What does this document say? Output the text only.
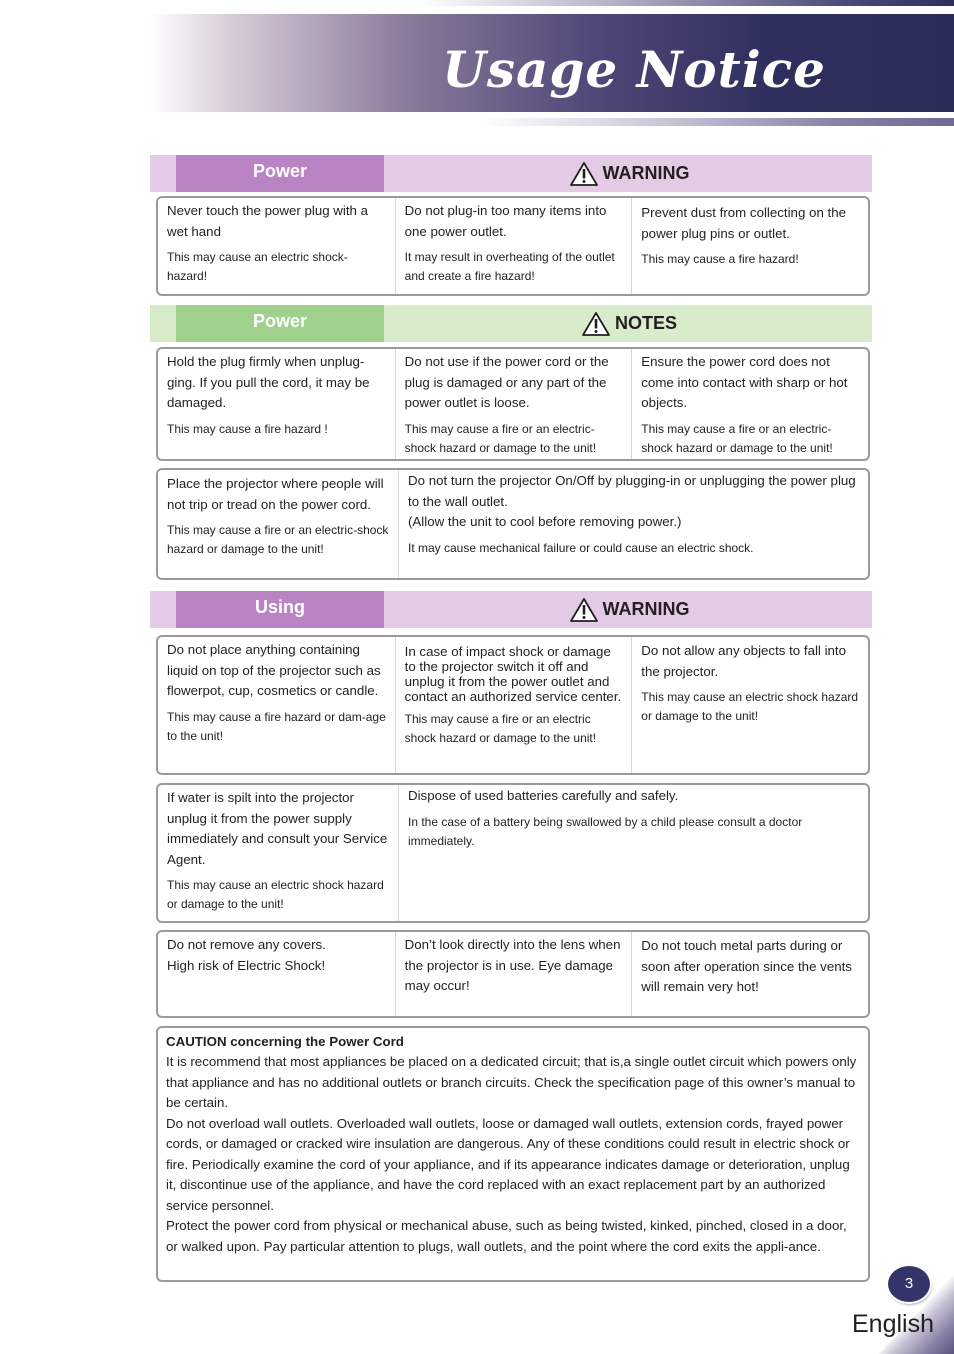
Usage Notice
Power	WARNING

Never touch the power plug with a wet hand

This may cause an electric shock-hazard!

Do not plug-in too many items into one power outlet.

It may result in overheating of the outlet and create a fire hazard!

Prevent dust from collecting on the power plug pins or outlet.

This may cause a fire hazard!

Power	NOTES

Hold the plug firmly when unplug-ging. If you pull the cord, it may be damaged.

This may cause a fire hazard !

Do not use if the power cord or the plug is damaged or any part of the power outlet is loose.

This may cause a fire or an electric-shock hazard or damage to the unit!

Ensure the power cord does not come into contact with sharp or hot objects.

This may cause a fire or an electric-shock hazard or damage to the unit!

Place the projector where people will not trip or tread on the power cord.

This may cause a fire or an electric-shock hazard or damage to the unit!

Do not turn the projector On/Off by plugging-in or unplugging the power plug to the wall outlet.

(Allow the unit to cool before removing power.)

It may cause mechanical failure or could cause an electric shock.

Using	WARNING

Do not place anything containing liquid on top of the projector such as flowerpot, cup, cosmetics or candle.

This may cause a fire hazard or dam-age to the unit!

In case of impact shock or damage to the projector switch it off and unplug it from the power outlet and contact an authorized service center.

This may cause a fire or an electric shock hazard or damage to the unit!

Do not allow any objects to fall into the projector.

This may cause an electric shock hazard or damage to the unit!

If water is spilt into the projector unplug it from the power supply immediately and consult your Service Agent.

This may cause an electric shock hazard or damage to the unit!

Dispose of used batteries carefully and safely.

In the case of a battery being swallowed by a child please consult a doctor immediately.

Do not remove any covers.

High risk of Electric Shock!

Don’t look directly into the lens when the projector is in use. Eye damage may occur!

Do not touch metal parts during or soon after operation since the vents will remain very hot!

CAUTION concerning the Power Cord

It is recommend that most appliances be placed on a dedicated circuit; that is,a single outlet circuit which powers only that appliance and has no additional outlets or branch circuits. Check the specification page of this owner’s manual to be certain.

Do not overload wall outlets. Overloaded wall outlets, loose or damaged wall outlets, extension cords, frayed power cords, or damaged or cracked wire insulation are dangerous. Any of these conditions could result in electric shock or fire. Periodically examine the cord of your appliance, and if its appearance indicates damage or deterioration, unplug it, discontinue use of the appliance, and have the cord replaced with an exact replacement part by an authorized service personnel.

Protect the power cord from physical or mechanical abuse, such as being twisted, kinked, pinched, closed in a door, or walked upon. Pay particular attention to plugs, wall outlets, and the point where the cord exits the appli-ance.

3
English
